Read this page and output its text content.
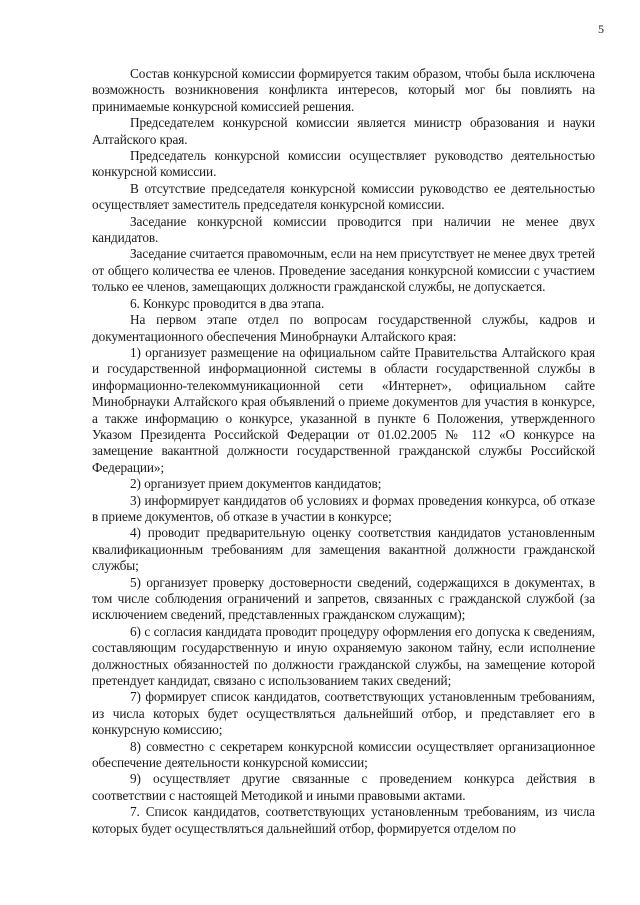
5

Состав конкурсной комиссии формируется таким образом, чтобы была исключена возможность возникновения конфликта интересов, который мог бы повлиять на принимаемые конкурсной комиссией решения.

Председателем конкурсной комиссии является министр образования и науки Алтайского края.

Председатель конкурсной комиссии осуществляет руководство деятельностью конкурсной комиссии.

В отсутствие председателя конкурсной комиссии руководство ее деятельностью осуществляет заместитель председателя конкурсной комиссии.

Заседание конкурсной комиссии проводится при наличии не менее двух кандидатов.

Заседание считается правомочным, если на нем присутствует не менее двух третей от общего количества ее членов. Проведение заседания конкурсной комиссии с участием только ее членов, замещающих должности гражданской службы, не допускается.

6. Конкурс проводится в два этапа.

На первом этапе отдел по вопросам государственной службы, кадров и документационного обеспечения Минобрнауки Алтайского края:

1) организует размещение на официальном сайте Правительства Алтайского края и государственной информационной системы в области государственной службы в информационно-телекоммуникационной сети «Интернет», официальном сайте Минобрнауки Алтайского края объявлений о приеме документов для участия в конкурсе, а также информацию о конкурсе, указанной в пункте 6 Положения, утвержденного Указом Президента Российской Федерации от 01.02.2005 № 112 «О конкурсе на замещение вакантной должности государственной гражданской службы Российской Федерации»;

2) организует прием документов кандидатов;

3) информирует кандидатов об условиях и формах проведения конкурса, об отказе в приеме документов, об отказе в участии в конкурсе;

4) проводит предварительную оценку соответствия кандидатов установленным квалификационным требованиям для замещения вакантной должности гражданской службы;

5) организует проверку достоверности сведений, содержащихся в документах, в том числе соблюдения ограничений и запретов, связанных с гражданской службой (за исключением сведений, представленных гражданском служащим);

6) с согласия кандидата проводит процедуру оформления его допуска к сведениям, составляющим государственную и иную охраняемую законом тайну, если исполнение должностных обязанностей по должности гражданской службы, на замещение которой претендует кандидат, связано с использованием таких сведений;

7) формирует список кандидатов, соответствующих установленным требованиям, из числа которых будет осуществляться дальнейший отбор, и представляет его в конкурсную комиссию;

8) совместно с секретарем конкурсной комиссии осуществляет организационное обеспечение деятельности конкурсной комиссии;

9) осуществляет другие связанные с проведением конкурса действия в соответствии с настоящей Методикой и иными правовыми актами.

7. Список кандидатов, соответствующих установленным требованиям, из числа которых будет осуществляться дальнейший отбор, формируется отделом по
